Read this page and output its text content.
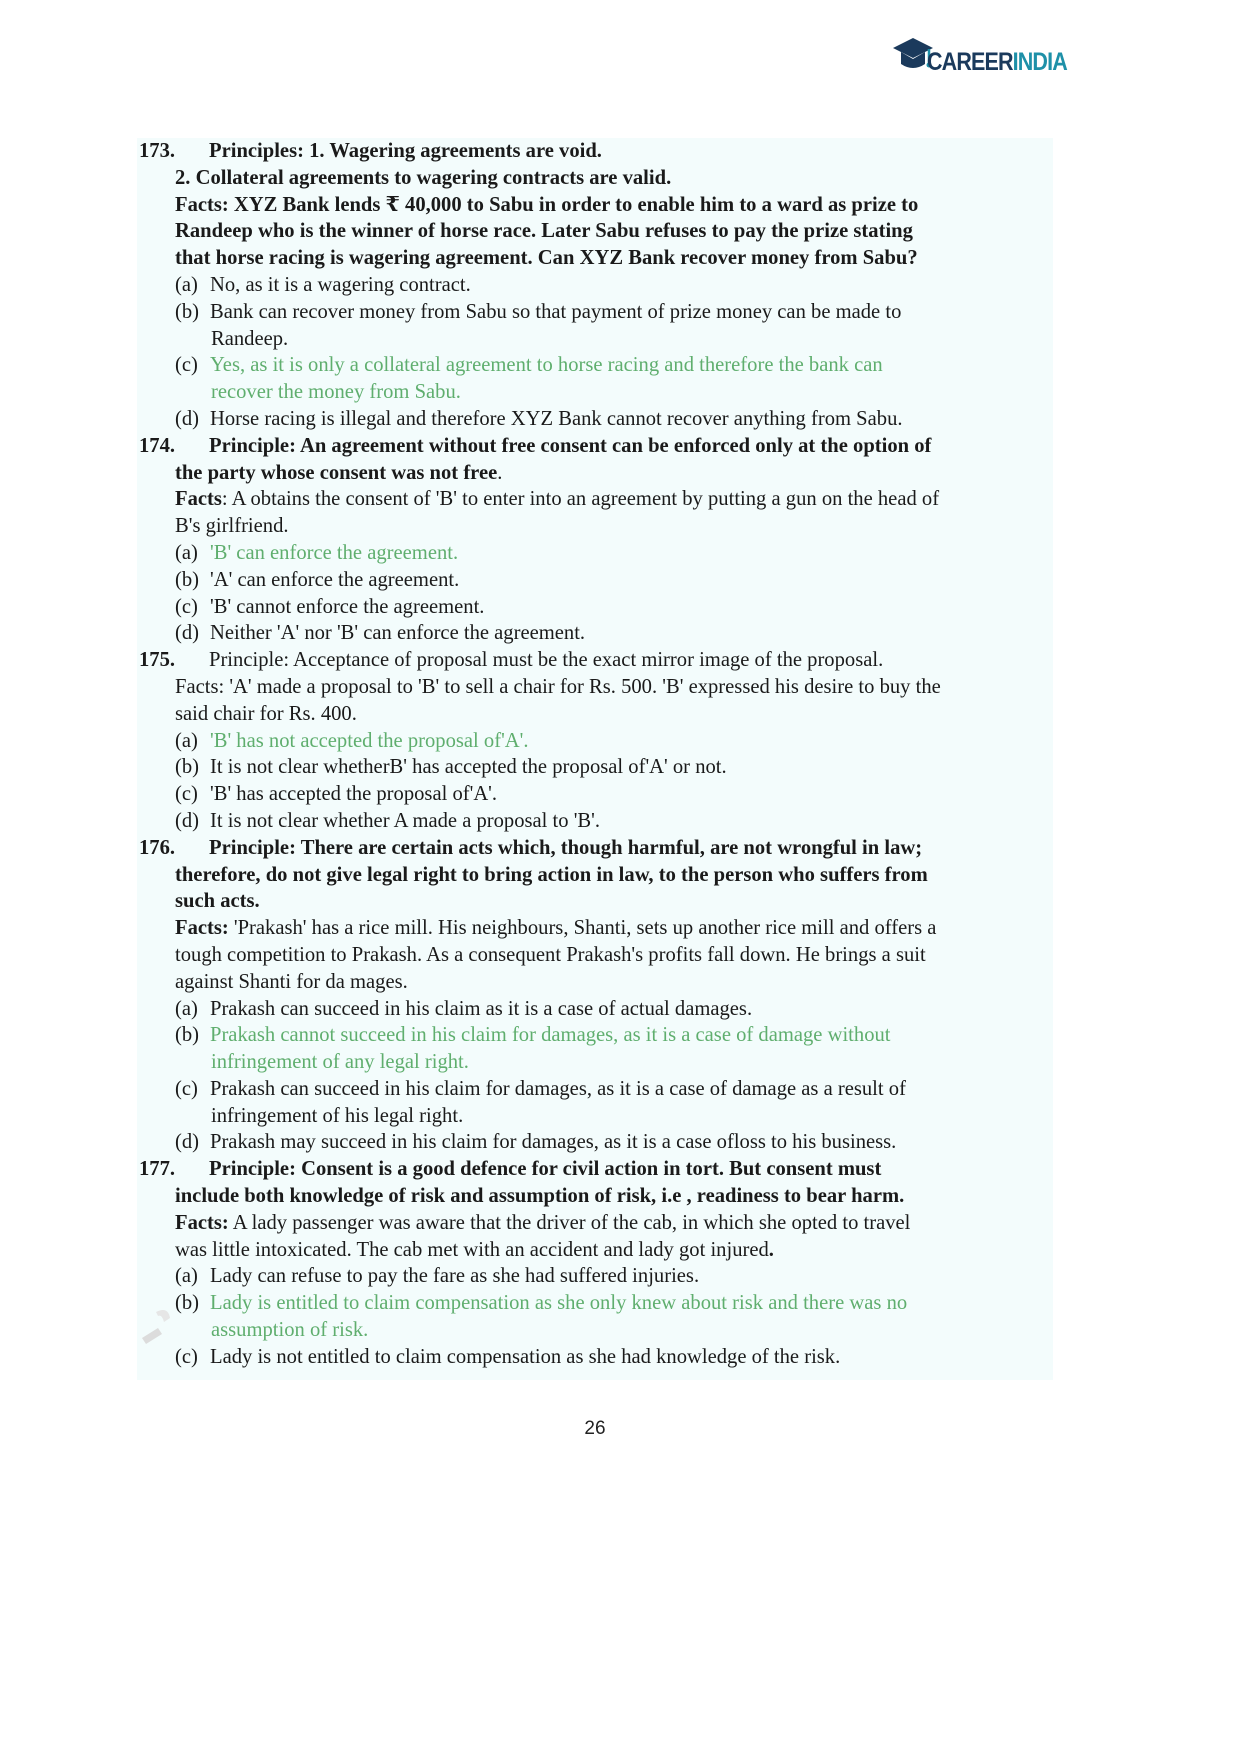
CAREERINDIA
173. Principles: 1. Wagering agreements are void.
2. Collateral agreements to wagering contracts are valid.
Facts: XYZ Bank lends ₹ 40,000 to Sabu in order to enable him to a ward as prize to
Randeep who is the winner of horse race. Later Sabu refuses to pay the prize stating
that horse racing is wagering agreement. Can XYZ Bank recover money from Sabu?
(a) No, as it is a wagering contract.
(b) Bank can recover money from Sabu so that payment of prize money can be made to
Randeep.
(c) Yes, as it is only a collateral agreement to horse racing and therefore the bank can
recover the money from Sabu.
(d) Horse racing is illegal and therefore XYZ Bank cannot recover anything from Sabu.
174. Principle: An agreement without free consent can be enforced only at the option of
the party whose consent was not free.
Facts: A obtains the consent of 'B' to enter into an agreement by putting a gun on the head of
B's girlfriend.
(a) 'B' can enforce the agreement.
(b) 'A' can enforce the agreement.
(c) 'B' cannot enforce the agreement.
(d) Neither 'A' nor 'B' can enforce the agreement.
175. Principle: Acceptance of proposal must be the exact mirror image of the proposal.
Facts: 'A' made a proposal to 'B' to sell a chair for Rs. 500. 'B' expressed his desire to buy the
said chair for Rs. 400.
(a) 'B' has not accepted the proposal of'A'.
(b) It is not clear whetherB' has accepted the proposal of'A' or not.
(c) 'B' has accepted the proposal of'A'.
(d) It is not clear whether A made a proposal to 'B'.
176. Principle: There are certain acts which, though harmful, are not wrongful in law;
therefore, do not give legal right to bring action in law, to the person who suffers from
such acts.
Facts: 'Prakash' has a rice mill. His neighbours, Shanti, sets up another rice mill and offers a
tough competition to Prakash. As a consequent Prakash's profits fall down. He brings a suit
against Shanti for da mages.
(a) Prakash can succeed in his claim as it is a case of actual damages.
(b) Prakash cannot succeed in his claim for damages, as it is a case of damage without
infringement of any legal right.
(c) Prakash can succeed in his claim for damages, as it is a case of damage as a result of
infringement of his legal right.
(d) Prakash may succeed in his claim for damages, as it is a case ofloss to his business.
177. Principle: Consent is a good defence for civil action in tort. But consent must
include both knowledge of risk and assumption of risk, i.e , readiness to bear harm.
Facts: A lady passenger was aware that the driver of the cab, in which she opted to travel
was little intoxicated. The cab met with an accident and lady got injured.
(a) Lady can refuse to pay the fare as she had suffered injuries.
(b) Lady is entitled to claim compensation as she only knew about risk and there was no
assumption of risk.
(c) Lady is not entitled to claim compensation as she had knowledge of the risk.
26
